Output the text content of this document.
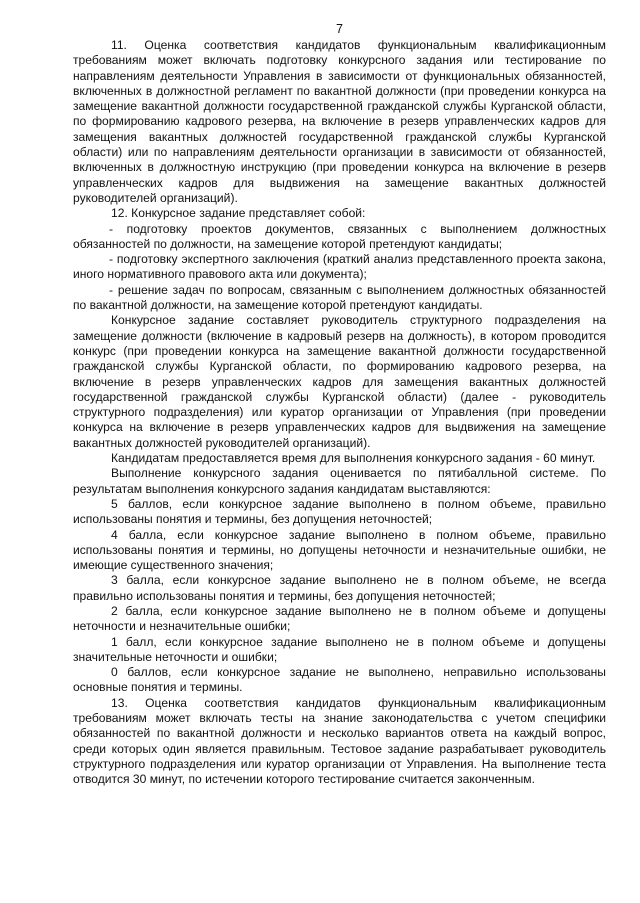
7

11. Оценка соответствия кандидатов функциональным квалификационным требованиям может включать подготовку конкурсного задания или тестирование по направлениям деятельности Управления в зависимости от функциональных обязанностей, включенных в должностной регламент по вакантной должности (при проведении конкурса на замещение вакантной должности государственной гражданской службы Курганской области, по формированию кадрового резерва, на включение в резерв управленческих кадров для замещения вакантных должностей государственной гражданской службы Курганской области) или по направлениям деятельности организации в зависимости от обязанностей, включенных в должностную инструкцию (при проведении конкурса на включение в резерв управленческих кадров для выдвижения на замещение вакантных должностей руководителей организаций).

12. Конкурсное задание представляет собой:

- подготовку проектов документов, связанных с выполнением должностных обязанностей по должности, на замещение которой претендуют кандидаты;

- подготовку экспертного заключения (краткий анализ представленного проекта закона, иного нормативного правового акта или документа);

- решение задач по вопросам, связанным с выполнением должностных обязанностей по вакантной должности, на замещение которой претендуют кандидаты.

Конкурсное задание составляет руководитель структурного подразделения на замещение должности (включение в кадровый резерв на должность), в котором проводится конкурс (при проведении конкурса на замещение вакантной должности государственной гражданской службы Курганской области, по формированию кадрового резерва, на включение в резерв управленческих кадров для замещения вакантных должностей государственной гражданской службы Курганской области) (далее - руководитель структурного подразделения) или куратор организации от Управления (при проведении конкурса на включение в резерв управленческих кадров для выдвижения на замещение вакантных должностей руководителей организаций).

Кандидатам предоставляется время для выполнения конкурсного задания - 60 минут.

Выполнение конкурсного задания оценивается по пятибалльной системе. По результатам выполнения конкурсного задания кандидатам выставляются:

5 баллов, если конкурсное задание выполнено в полном объеме, правильно использованы понятия и термины, без допущения неточностей;

4 балла, если конкурсное задание выполнено в полном объеме, правильно использованы понятия и термины, но допущены неточности и незначительные ошибки, не имеющие существенного значения;

3 балла, если конкурсное задание выполнено не в полном объеме, не всегда правильно использованы понятия и термины, без допущения неточностей;

2 балла, если конкурсное задание выполнено не в полном объеме и допущены неточности и незначительные ошибки;

1 балл, если конкурсное задание выполнено не в полном объеме и допущены значительные неточности и ошибки;

0 баллов, если конкурсное задание не выполнено, неправильно использованы основные понятия и термины.

13. Оценка соответствия кандидатов функциональным квалификационным требованиям может включать тесты на знание законодательства с учетом специфики обязанностей по вакантной должности и несколько вариантов ответа на каждый вопрос, среди которых один является правильным. Тестовое задание разрабатывает руководитель структурного подразделения или куратор организации от Управления. На выполнение теста отводится 30 минут, по истечении которого тестирование считается законченным.
